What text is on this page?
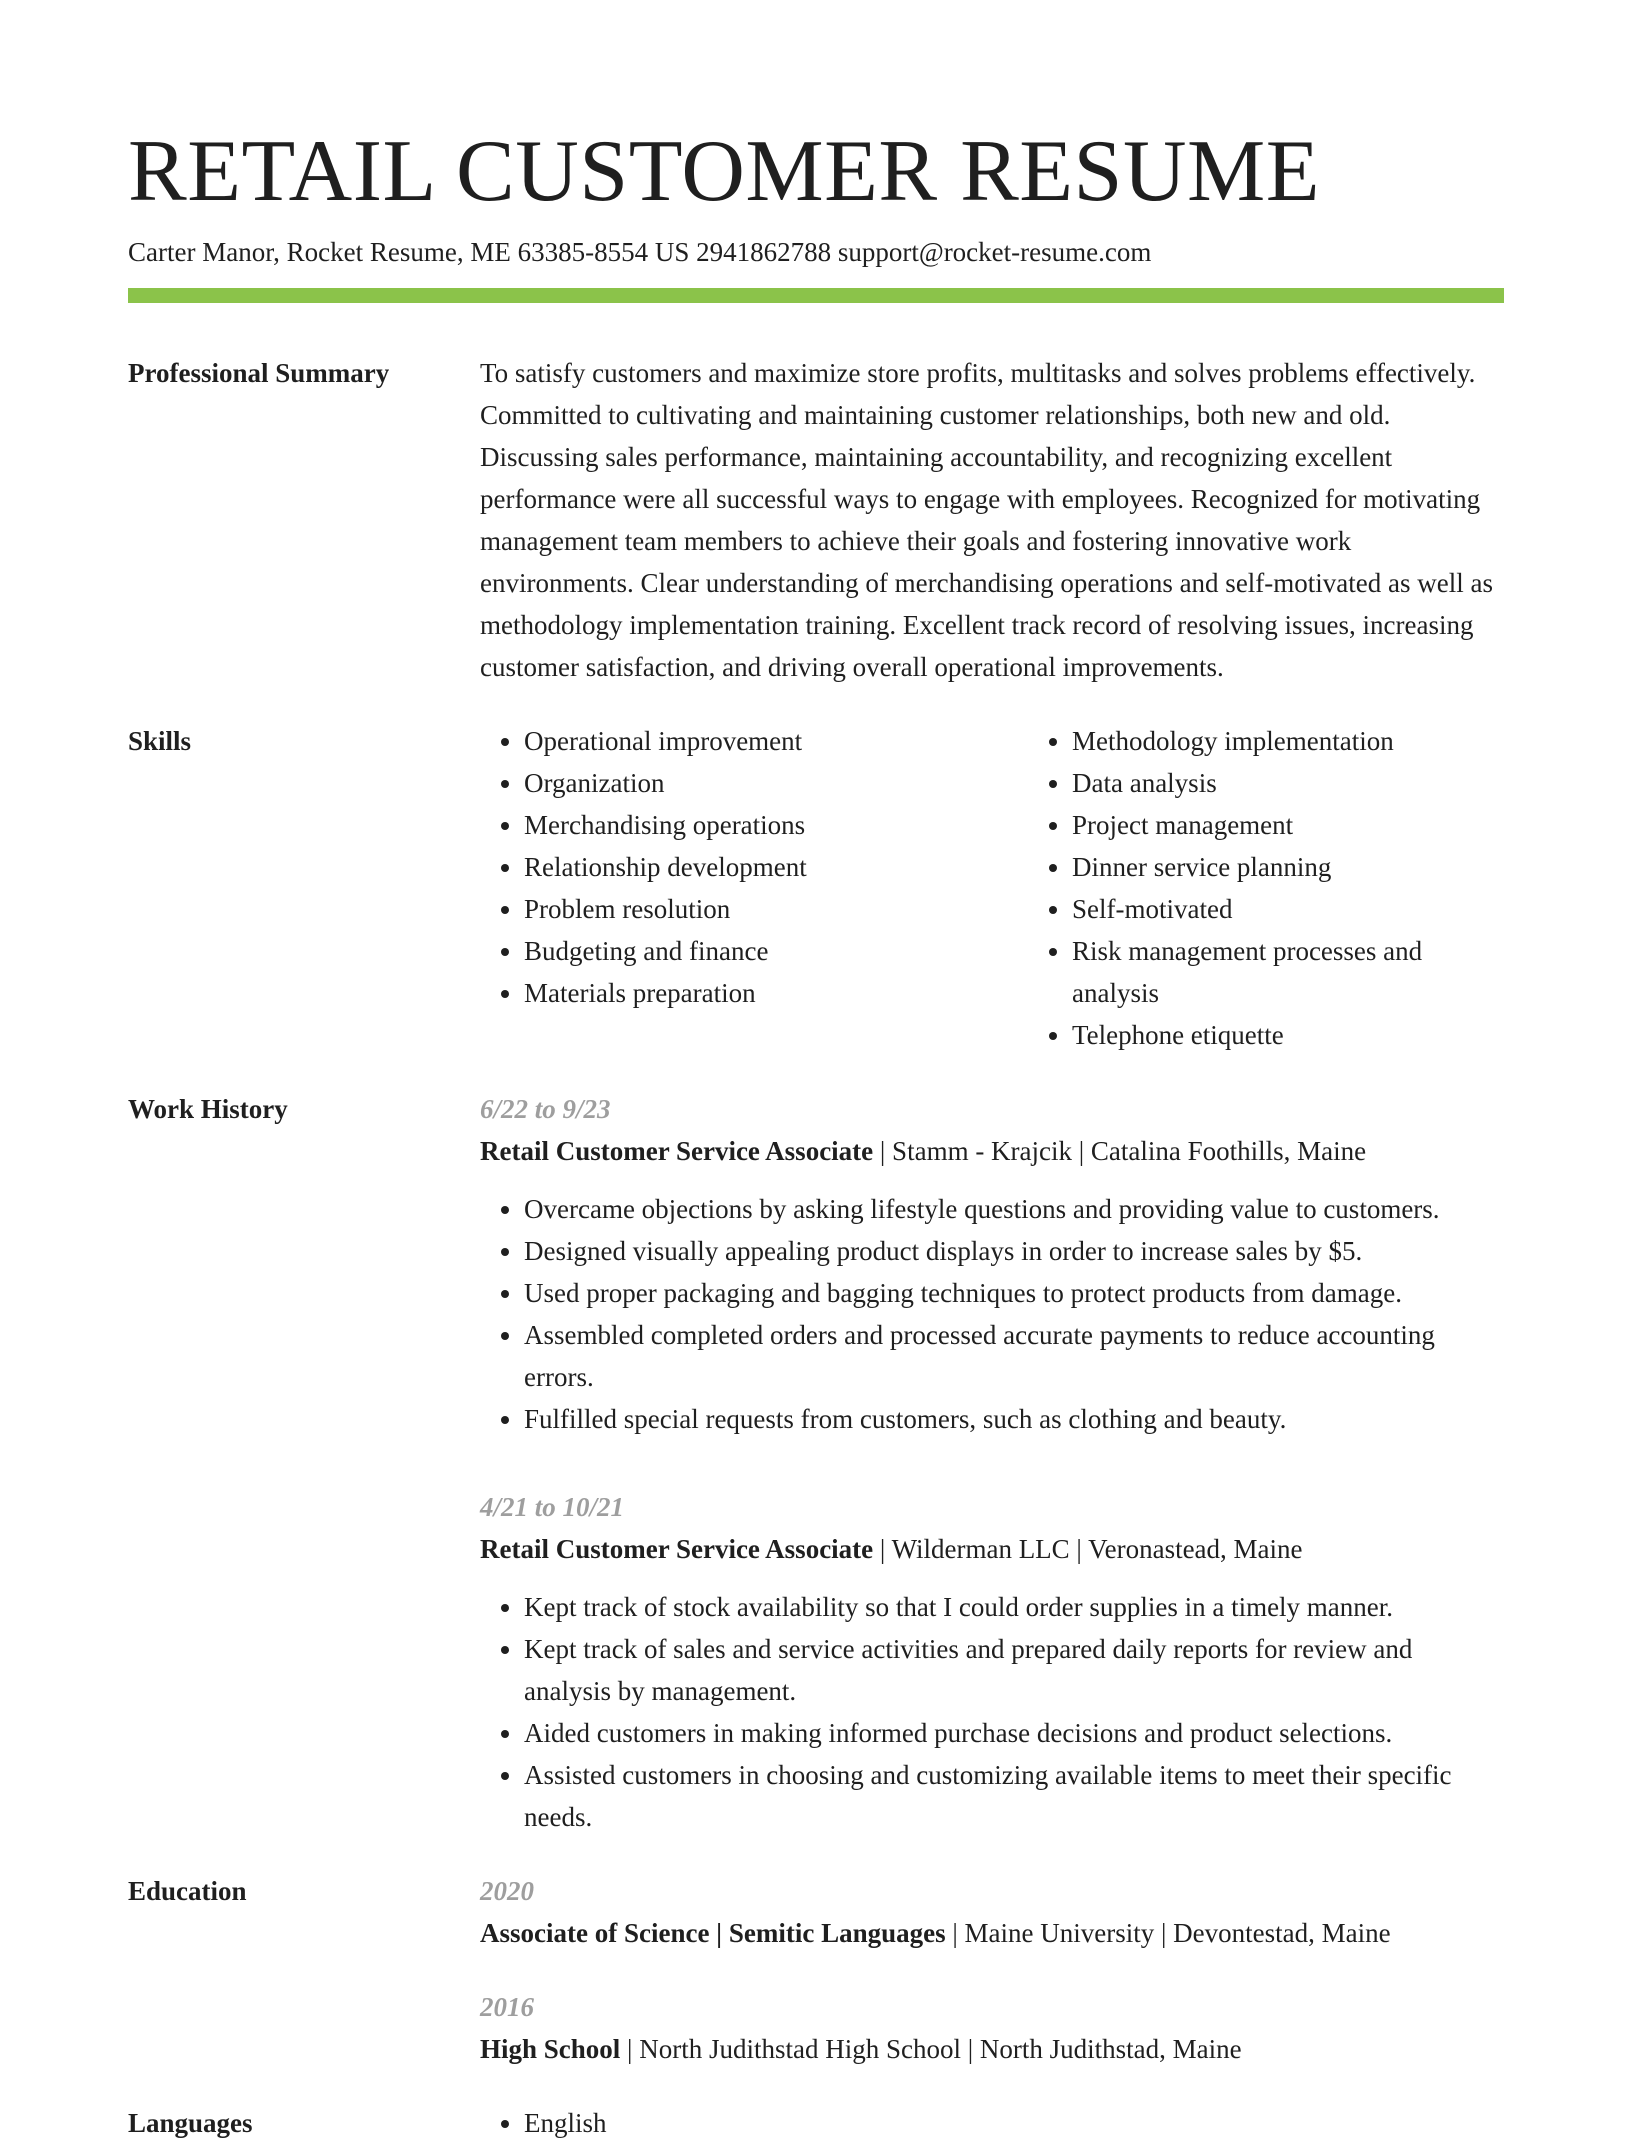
RETAIL CUSTOMER RESUME
Carter Manor, Rocket Resume, ME 63385-8554 US 2941862788 support@rocket-resume.com
Professional Summary	To satisfy customers and maximize store profits, multitasks and solves problems effectively. Committed to cultivating and maintaining customer relationships, both new and old. Discussing sales performance, maintaining accountability, and recognizing excellent performance were all successful ways to engage with employees. Recognized for motivating management team members to achieve their goals and fostering innovative work environments. Clear understanding of merchandising operations and self-motivated as well as methodology implementation training. Excellent track record of resolving issues, increasing customer satisfaction, and driving overall operational improvements.

Skills	• Operational improvement
• Organization
• Merchandising operations
• Relationship development
• Problem resolution
• Budgeting and finance
• Materials preparation
• Methodology implementation
• Data analysis
• Project management
• Dinner service planning
• Self-motivated
• Risk management processes and analysis
• Telephone etiquette
Work History	6/22 to 9/23
Retail Customer Service Associate | Stamm - Krajcik | Catalina Foothills, Maine
• Overcame objections by asking lifestyle questions and providing value to customers.
• Designed visually appealing product displays in order to increase sales by $5.
• Used proper packaging and bagging techniques to protect products from damage.
• Assembled completed orders and processed accurate payments to reduce accounting errors.
• Fulfilled special requests from customers, such as clothing and beauty.
4/21 to 10/21
Retail Customer Service Associate | Wilderman LLC | Veronastead, Maine
• Kept track of stock availability so that I could order supplies in a timely manner.
• Kept track of sales and service activities and prepared daily reports for review and analysis by management.
• Aided customers in making informed purchase decisions and product selections.
• Assisted customers in choosing and customizing available items to meet their specific needs.
Education	2020
Associate of Science | Semitic Languages | Maine University | Devontestad, Maine
2016
High School | North Judithstad High School | North Judithstad, Maine
Languages	• English
